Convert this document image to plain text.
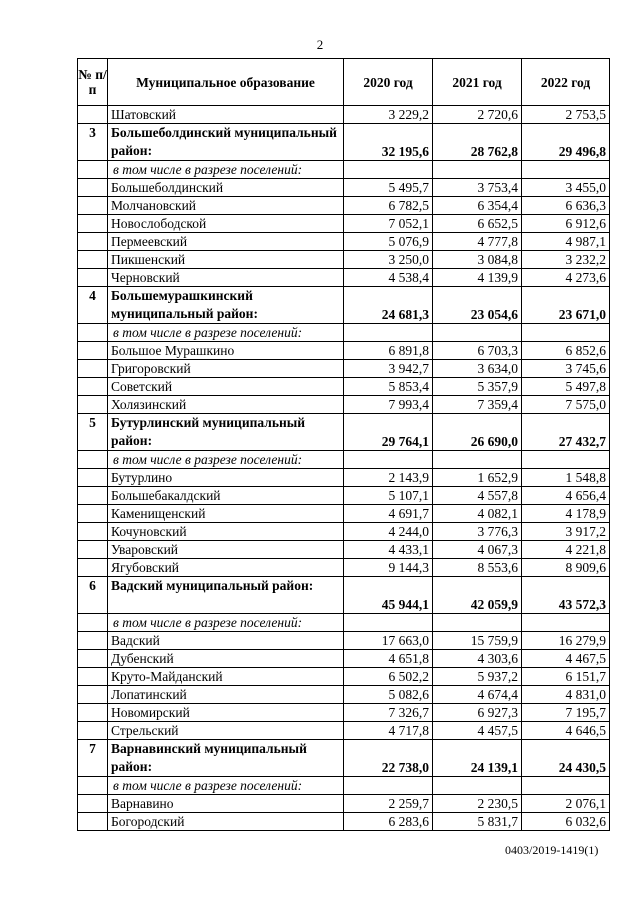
2
№ п/п	Муниципальное образование	2020 год	2021 год	2022 год
	Шатовский	3 229,2	2 720,6	2 753,5
3	Большеболдинский муниципальный район:	32 195,6	28 762,8	29 496,8
	в том числе в разрезе поселений:			
	Большеболдинский	5 495,7	3 753,4	3 455,0
	Молчановский	6 782,5	6 354,4	6 636,3
	Новослободской	7 052,1	6 652,5	6 912,6
	Пермеевский	5 076,9	4 777,8	4 987,1
	Пикшенский	3 250,0	3 084,8	3 232,2
	Черновский	4 538,4	4 139,9	4 273,6
4	Большемурашкинский муниципальный район:	24 681,3	23 054,6	23 671,0
	в том числе в разрезе поселений:			
	Большое Мурашкино	6 891,8	6 703,3	6 852,6
	Григоровский	3 942,7	3 634,0	3 745,6
	Советский	5 853,4	5 357,9	5 497,8
	Холязинский	7 993,4	7 359,4	7 575,0
5	Бутурлинский муниципальный район:	29 764,1	26 690,0	27 432,7
	в том числе в разрезе поселений:			
	Бутурлино	2 143,9	1 652,9	1 548,8
	Большебакалдский	5 107,1	4 557,8	4 656,4
	Каменищенский	4 691,7	4 082,1	4 178,9
	Кочуновский	4 244,0	3 776,3	3 917,2
	Уваровский	4 433,1	4 067,3	4 221,8
	Ягубовский	9 144,3	8 553,6	8 909,6
6	Вадский муниципальный район:	45 944,1	42 059,9	43 572,3
	в том числе в разрезе поселений:			
	Вадский	17 663,0	15 759,9	16 279,9
	Дубенский	4 651,8	4 303,6	4 467,5
	Круто-Майданский	6 502,2	5 937,2	6 151,7
	Лопатинский	5 082,6	4 674,4	4 831,0
	Новомирский	7 326,7	6 927,3	7 195,7
	Стрельский	4 717,8	4 457,5	4 646,5
7	Варнавинский муниципальный район:	22 738,0	24 139,1	24 430,5
	в том числе в разрезе поселений:			
	Варнавино	2 259,7	2 230,5	2 076,1
	Богородский	6 283,6	5 831,7	6 032,6
0403/2019-1419(1)
